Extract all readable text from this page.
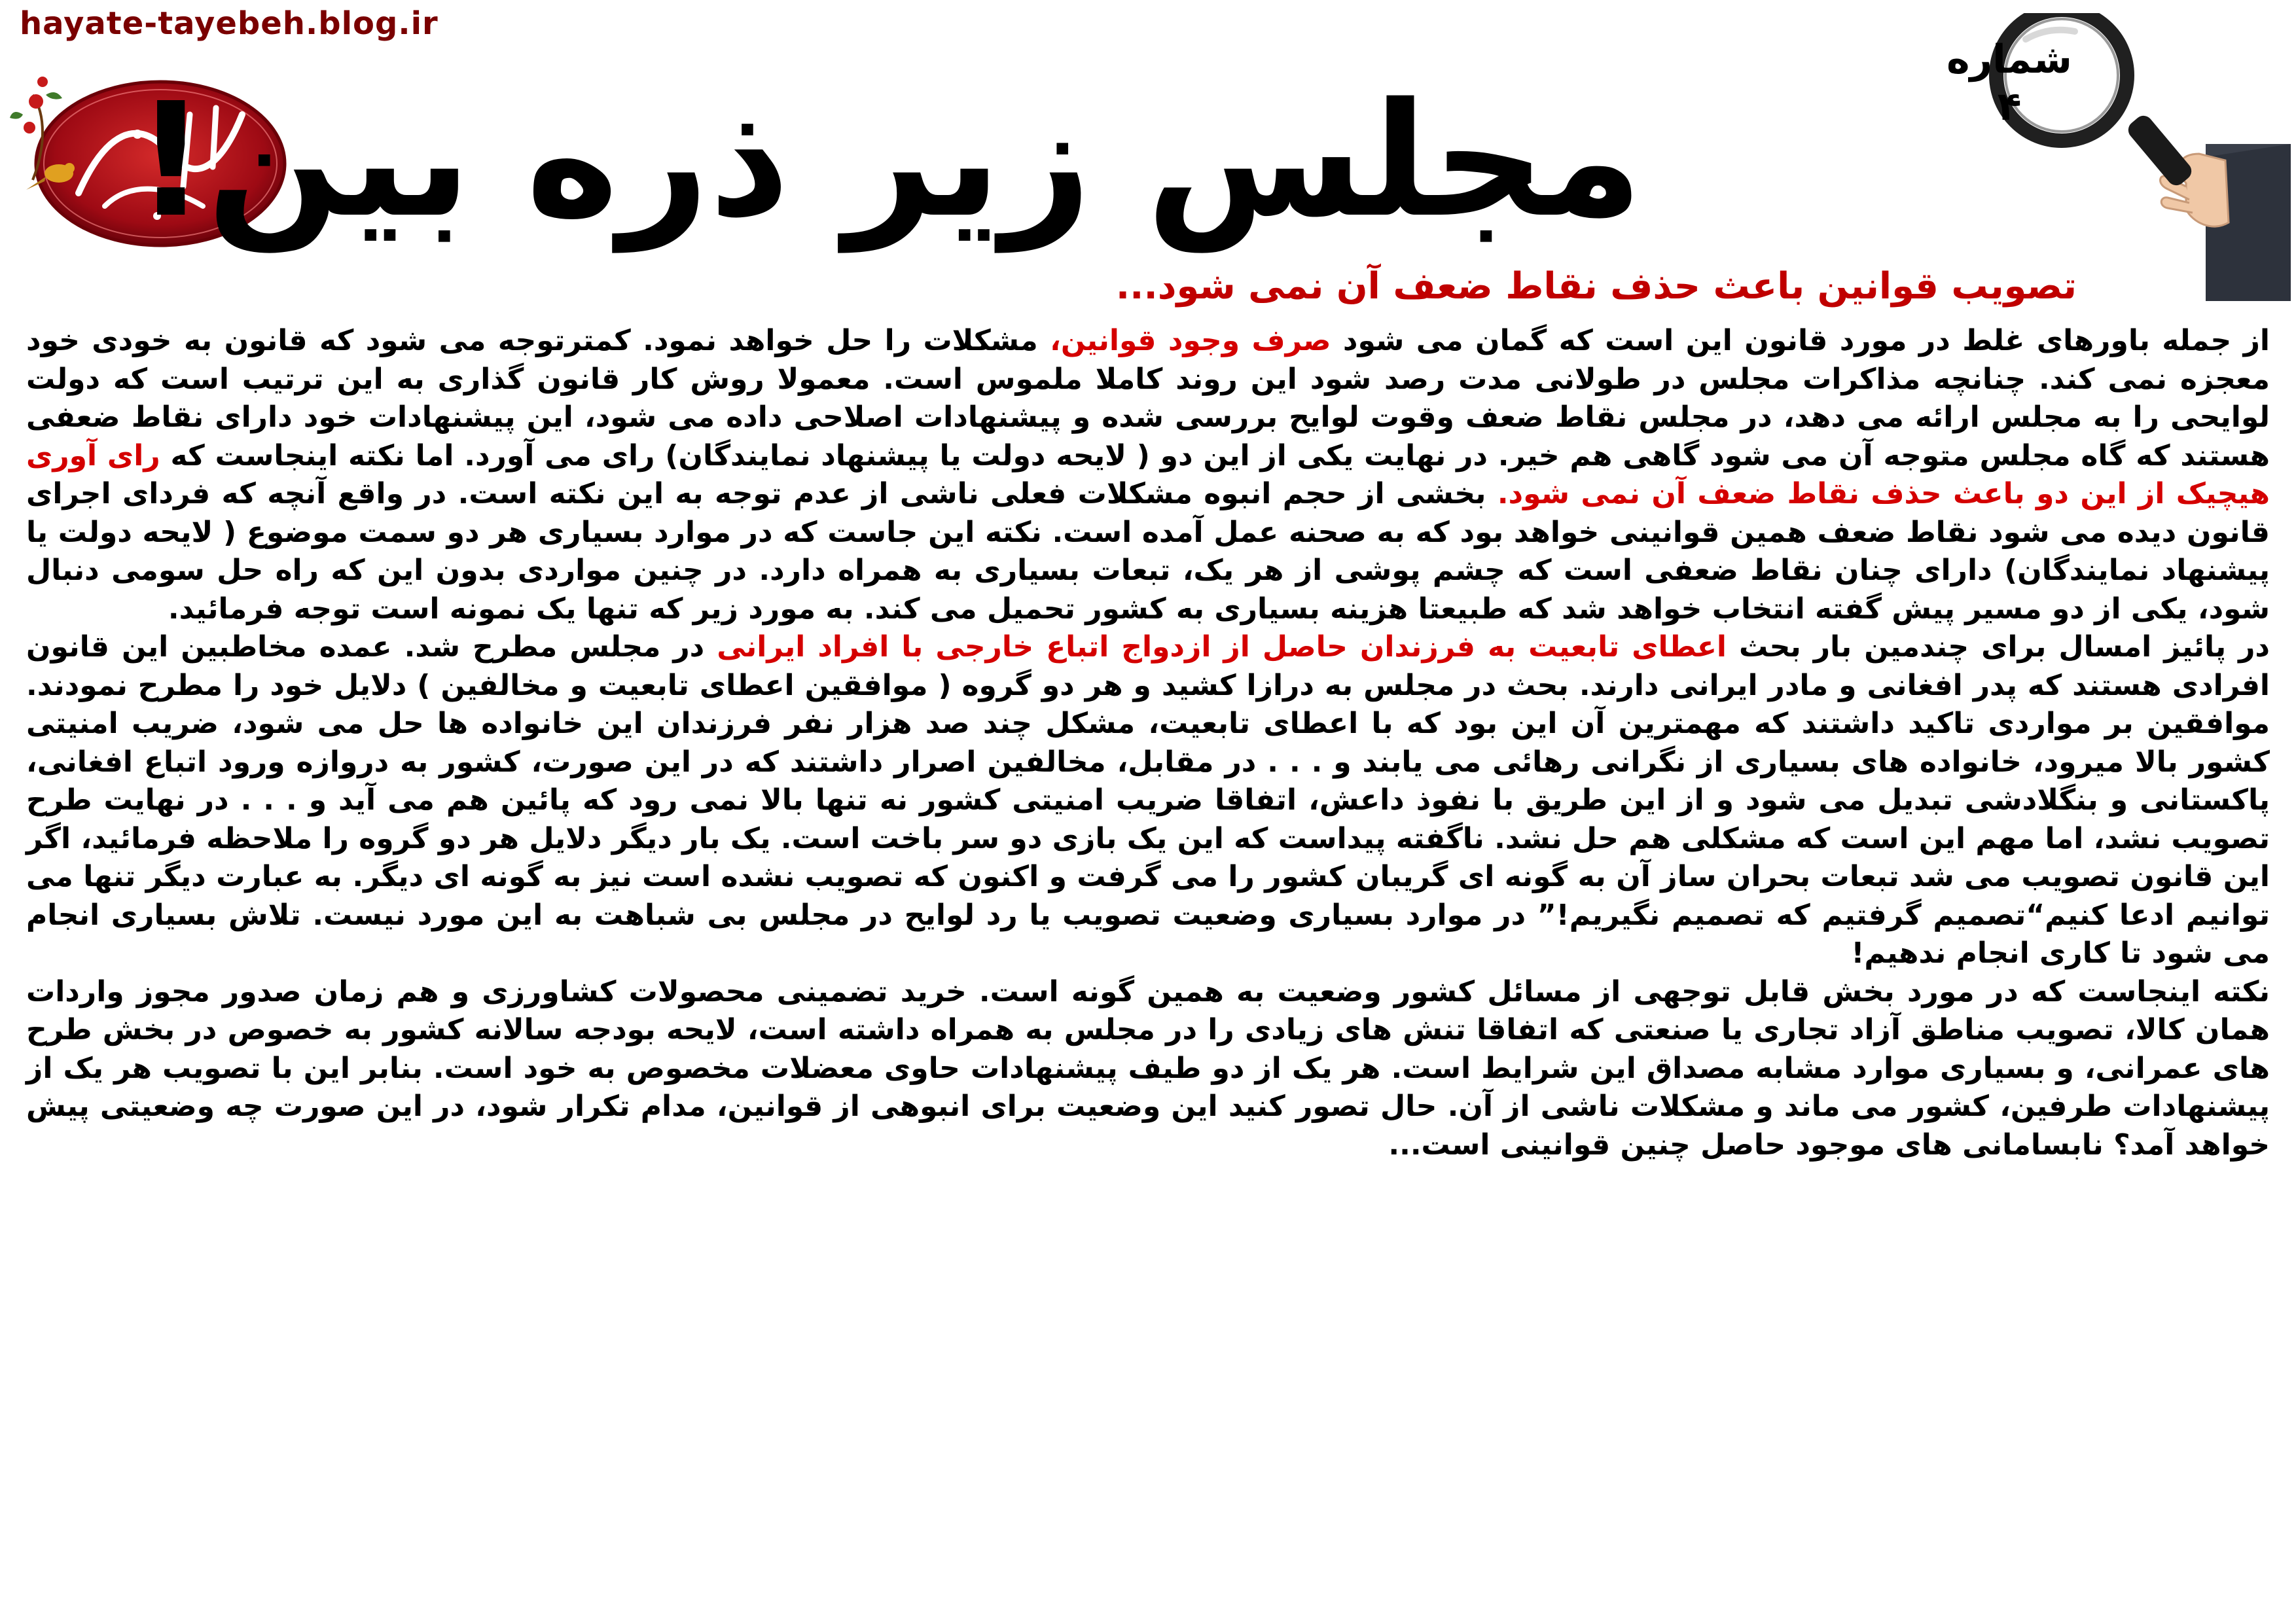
hayate-tayebeh.blog.ir
مجلس زیر ذره بین!
شماره
۴
تصویب قوانین باعث حذف نقاط ضعف آن نمی شود...

از جمله باورهای غلط در مورد قانون این است که گمان می شود صرف وجود قوانین، مشکلات را حل خواهد نمود. کمترتوجه می شود که قانون به خودی خود معجزه نمی کند. چنانچه مذاکرات مجلس در طولانی مدت رصد شود این روند کاملا ملموس است. معمولا روش کار قانون گذاری به این ترتیب است که دولت لوایحی را به مجلس ارائه می دهد، در مجلس نقاط ضعف وقوت لوایح بررسی شده و پیشنهادات اصلاحی داده می شود، این پیشنهادات خود دارای نقاط ضعفی هستند که گاه مجلس متوجه آن می شود گاهی هم خیر. در نهایت یکی از این دو ( لایحه دولت یا پیشنهاد نمایندگان) رای می آورد. اما نکته اینجاست که رای آوری هیچیک از این دو باعث حذف نقاط ضعف آن نمی شود. بخشی از حجم انبوه مشکلات فعلی ناشی از عدم توجه به این نکته است. در واقع آنچه که فردای اجرای قانون دیده می شود نقاط ضعف همین قوانینی خواهد بود که به صحنه عمل آمده است. نکته این جاست که در موارد بسیاری هر دو سمت موضوع ( لایحه دولت یا پیشنهاد نمایندگان) دارای چنان نقاط ضعفی است که چشم پوشی از هر یک، تبعات بسیاری به همراه دارد. در چنین مواردی بدون این که راه حل سومی دنبال شود، یکی از دو مسیر پیش گفته انتخاب خواهد شد که طبیعتا هزینه بسیاری به کشور تحمیل می کند. به مورد زیر که تنها یک نمونه است توجه فرمائید.

در پائیز امسال برای چندمین بار بحث اعطای تابعیت به فرزندان حاصل از ازدواج اتباع خارجی با افراد ایرانی در مجلس مطرح شد. عمده مخاطبین این قانون افرادی هستند که پدر افغانی و مادر ایرانی دارند. بحث در مجلس به درازا کشید و هر دو گروه ( موافقین اعطای تابعیت و مخالفین ) دلایل خود را مطرح نمودند. موافقین بر مواردی تاکید داشتند که مهمترین آن این بود که با اعطای تابعیت، مشکل چند صد هزار نفر فرزندان این خانواده ها حل می شود، ضریب امنیتی کشور بالا میرود، خانواده های بسیاری از نگرانی رهائی می یابند و . . . در مقابل، مخالفین اصرار داشتند که در این صورت، کشور به دروازه ورود اتباع افغانی، پاکستانی و بنگلادشی تبدیل می شود و از این طریق با نفوذ داعش، اتفاقا ضریب امنیتی کشور نه تنها بالا نمی رود که پائین هم می آید و . . . در نهایت طرح تصویب نشد، اما مهم این است که مشکلی هم حل نشد. ناگفته پیداست که این یک بازی دو سر باخت است. یک بار دیگر دلایل هر دو گروه را ملاحظه فرمائید، اگر این قانون تصویب می شد تبعات بحران ساز آن به گونه ای گریبان کشور را می گرفت و اکنون که تصویب نشده است نیز به گونه ای دیگر. به عبارت دیگر تنها می توانیم ادعا کنیم“تصمیم گرفتیم که تصمیم نگیریم!” در موارد بسیاری وضعیت تصویب یا رد لوایح در مجلس بی شباهت به این مورد نیست. تلاش بسیاری انجام می شود تا کاری انجام ندهیم!

نکته اینجاست که در مورد بخش قابل توجهی از مسائل کشور وضعیت به همین گونه است. خرید تضمینی محصولات کشاورزی و هم زمان صدور مجوز واردات همان کالا، تصویب مناطق آزاد تجاری یا صنعتی که اتفاقا تنش های زیادی را در مجلس به همراه داشته است، لایحه بودجه سالانه کشور به خصوص در بخش طرح های عمرانی، و بسیاری موارد مشابه مصداق این شرایط است. هر یک از دو طیف پیشنهادات حاوی معضلات مخصوص به خود است. بنابر این با تصویب هر یک از پیشنهادات طرفین، کشور می ماند و مشکلات ناشی از آن. حال تصور کنید این وضعیت برای انبوهی از قوانین، مدام تکرار شود، در این صورت چه وضعیتی پیش خواهد آمد؟ نابسامانی های موجود حاصل چنین قوانینی است...
